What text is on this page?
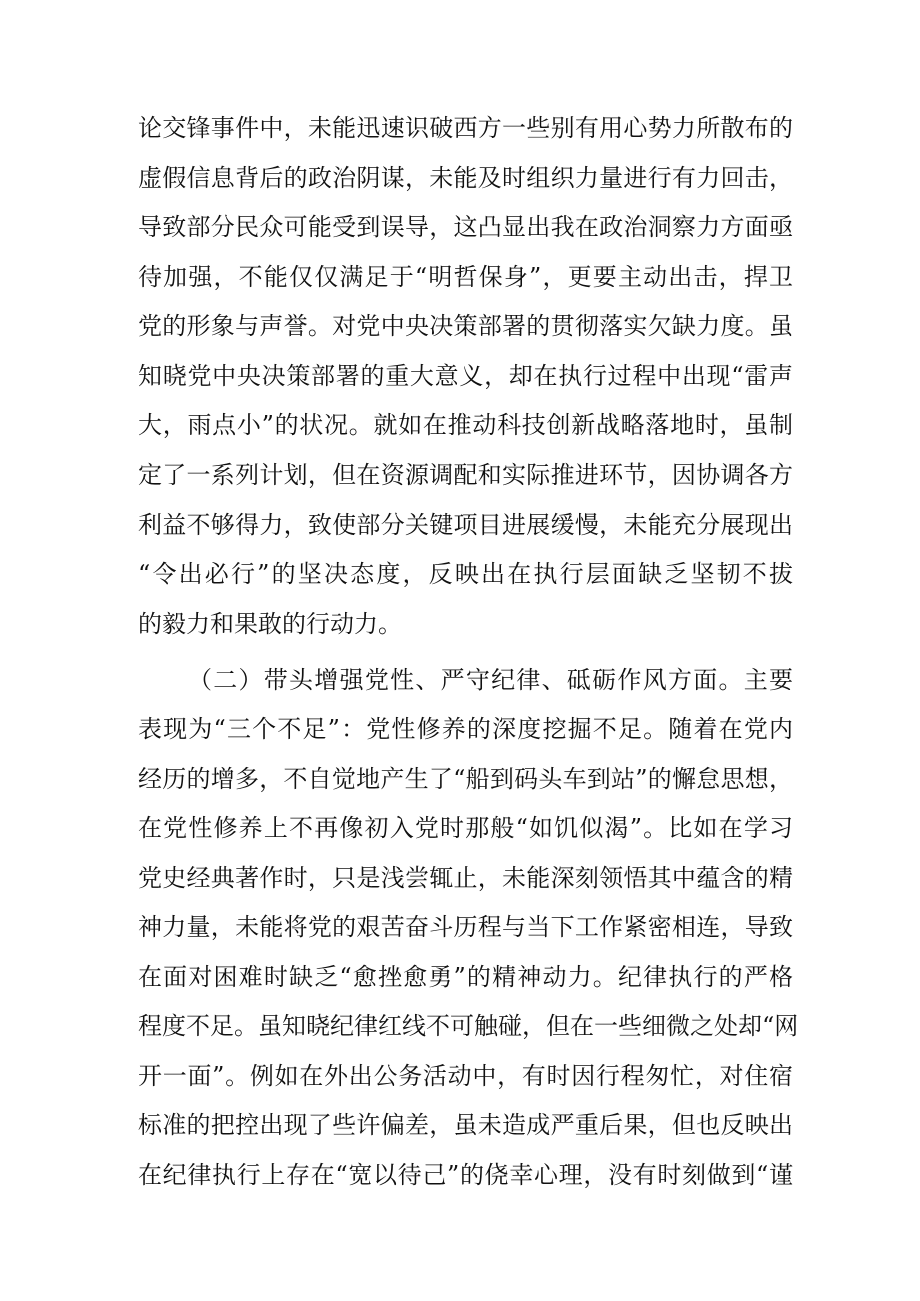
论交锋事件中，未能迅速识破西方一些别有用心势力所散布的
虚假信息背后的政治阴谋，未能及时组织力量进行有力回击，
导致部分民众可能受到误导，这凸显出我在政治洞察力方面亟
待加强，不能仅仅满足于“明哲保身”，更要主动出击，捍卫
党的形象与声誉。对党中央决策部署的贯彻落实欠缺力度。虽
知晓党中央决策部署的重大意义，却在执行过程中出现“雷声
大，雨点小”的状况。就如在推动科技创新战略落地时，虽制
定了一系列计划，但在资源调配和实际推进环节，因协调各方
利益不够得力，致使部分关键项目进展缓慢，未能充分展现出
“令出必行”的坚决态度，反映出在执行层面缺乏坚韧不拔
的毅力和果敢的行动力。
（二）带头增强党性、严守纪律、砥砺作风方面。主要
表现为“三个不足”：党性修养的深度挖掘不足。随着在党内
经历的增多，不自觉地产生了“船到码头车到站”的懈怠思想，
在党性修养上不再像初入党时那般“如饥似渴”。比如在学习
党史经典著作时，只是浅尝辄止，未能深刻领悟其中蕴含的精
神力量，未能将党的艰苦奋斗历程与当下工作紧密相连，导致
在面对困难时缺乏“愈挫愈勇”的精神动力。纪律执行的严格
程度不足。虽知晓纪律红线不可触碰，但在一些细微之处却“网
开一面”。例如在外出公务活动中，有时因行程匆忙，对住宿
标准的把控出现了些许偏差，虽未造成严重后果，但也反映出
在纪律执行上存在“宽以待己”的侥幸心理，没有时刻做到“谨
